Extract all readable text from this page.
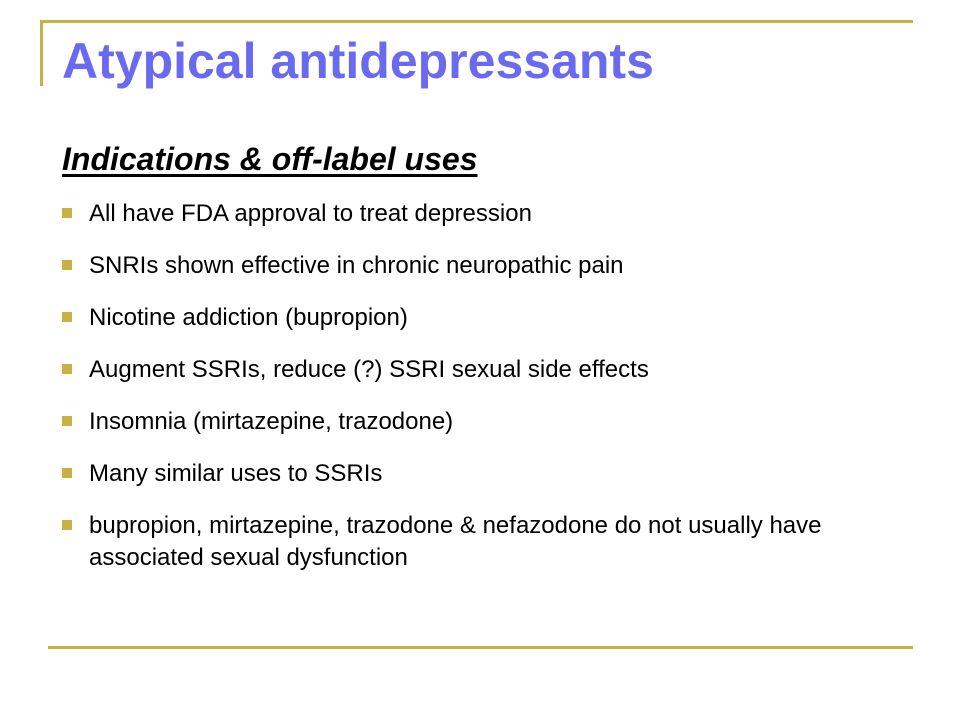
Atypical antidepressants
Indications & off-label uses
All have FDA approval to treat depression
SNRIs shown effective in chronic neuropathic pain
Nicotine addiction (bupropion)
Augment SSRIs, reduce (?) SSRI sexual side effects
Insomnia (mirtazepine, trazodone)
Many similar uses to SSRIs
bupropion, mirtazepine, trazodone & nefazodone do not usually have associated sexual dysfunction
